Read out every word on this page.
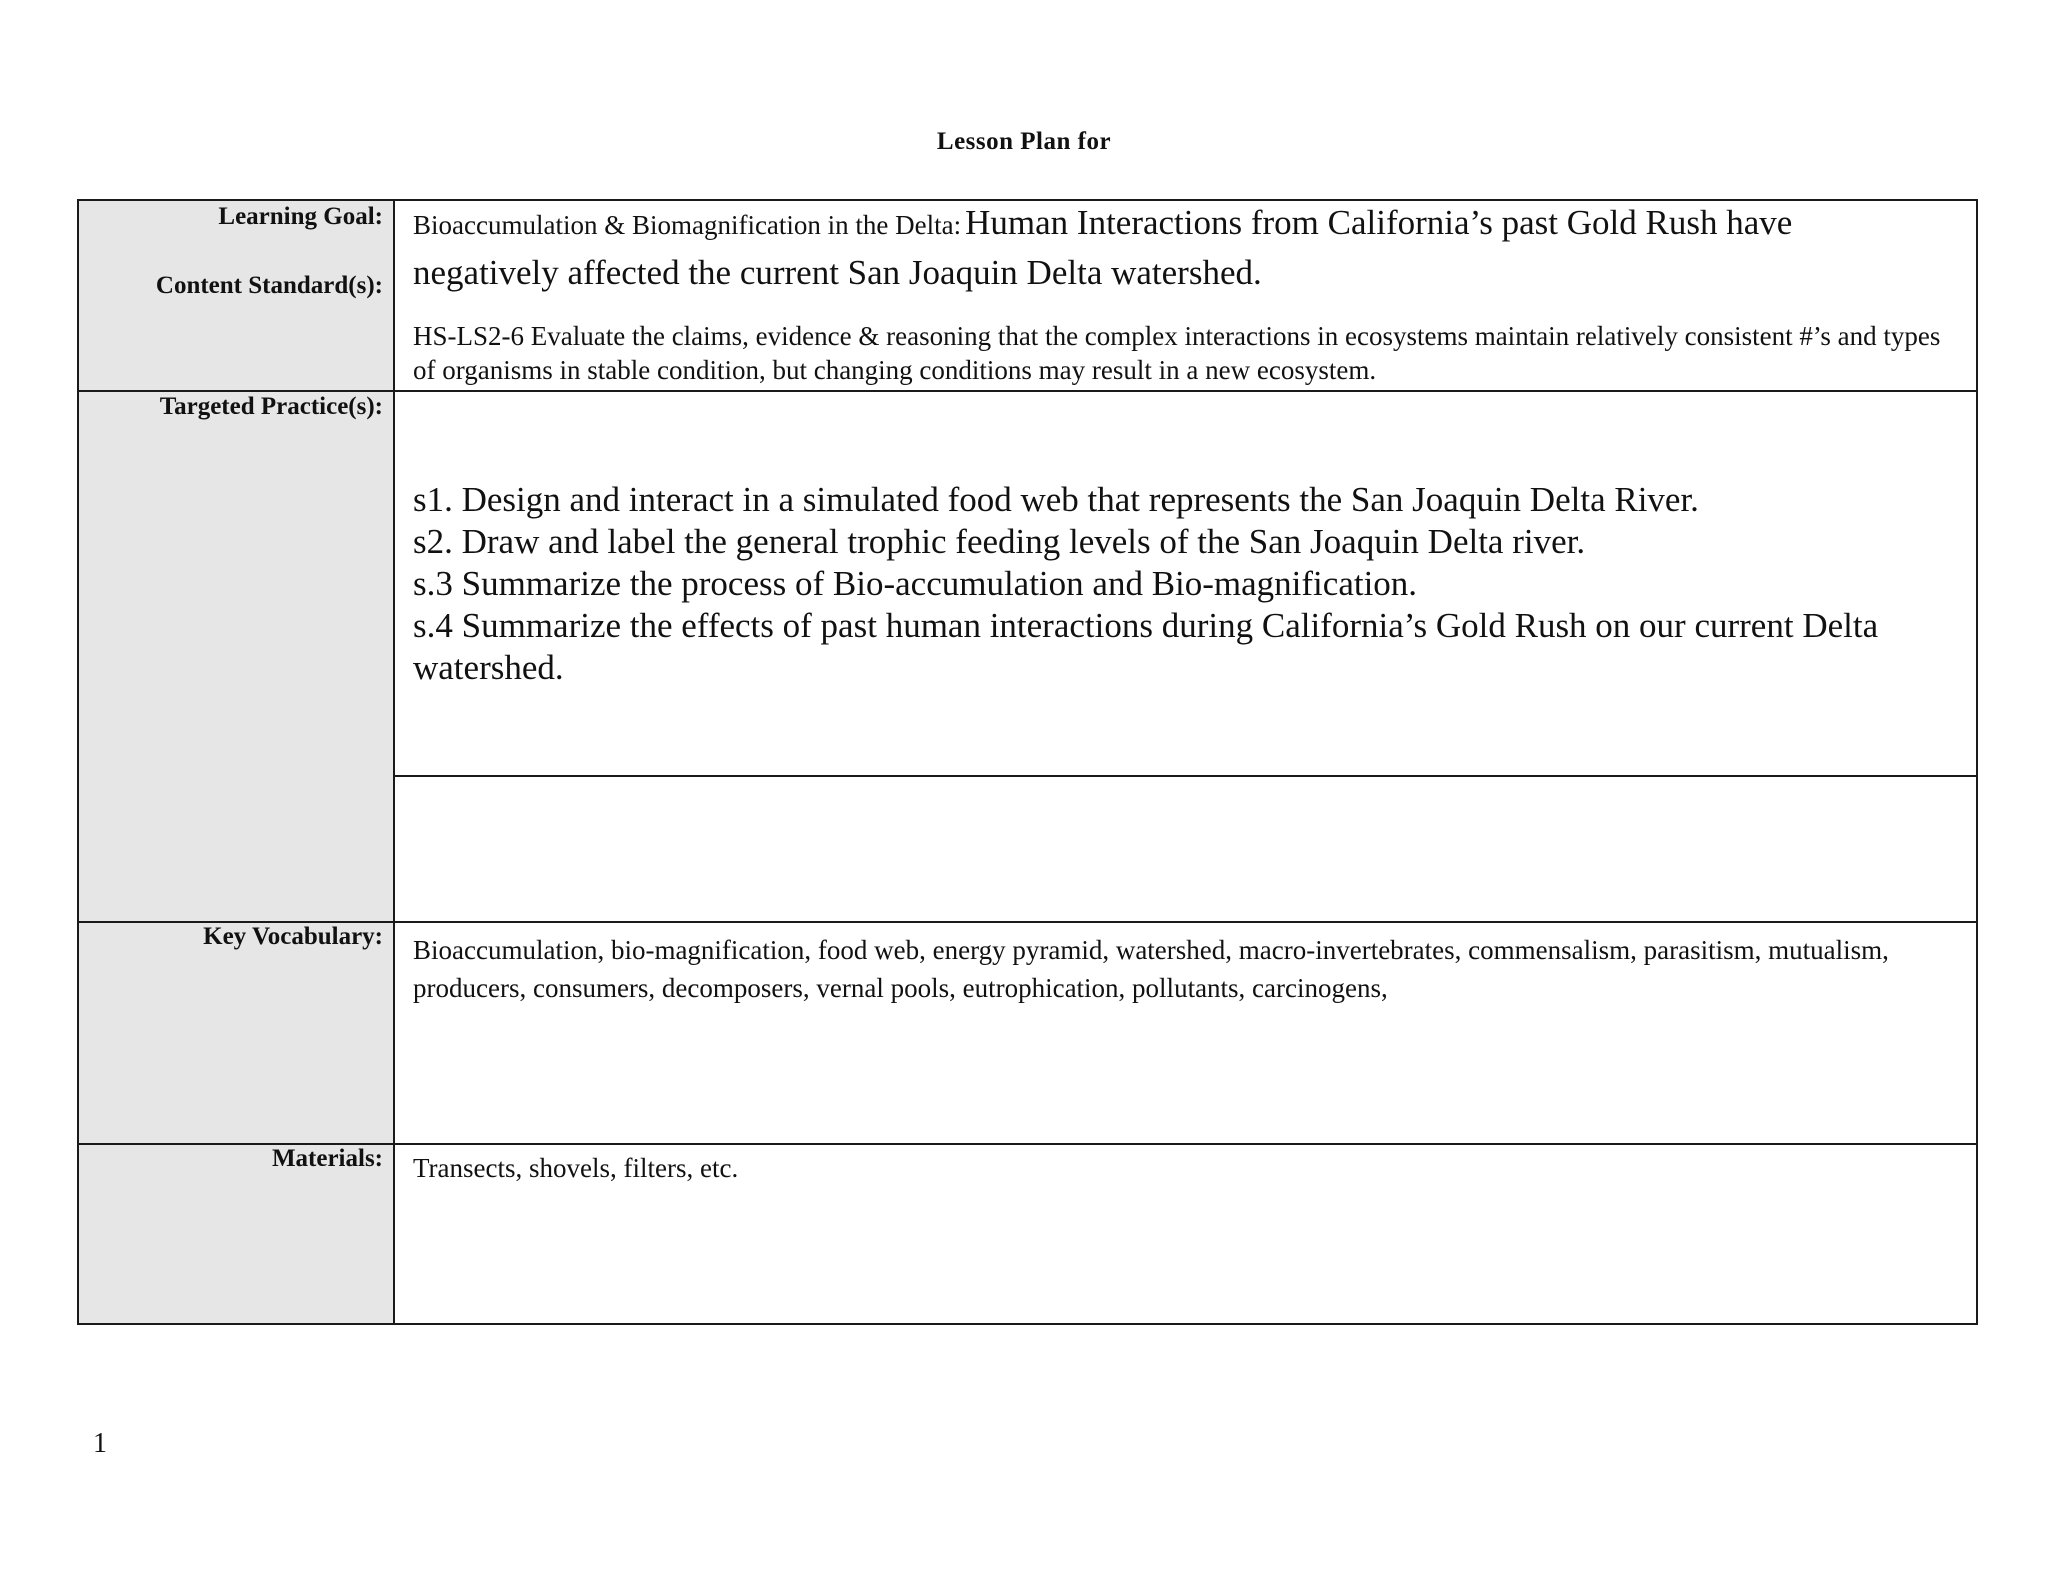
Lesson Plan for
Learning Goal:
Content Standard(s):
Targeted Practice(s):
Key Vocabulary:
Materials:
Bioaccumulation & Biomagnification in the Delta: Human Interactions from California’s past Gold Rush have negatively affected the current San Joaquin Delta watershed.
HS-LS2-6 Evaluate the claims, evidence & reasoning that the complex interactions in ecosystems maintain relatively consistent #’s and types of organisms in stable condition, but changing conditions may result in a new ecosystem.
s1. Design and interact in a simulated food web that represents the San Joaquin Delta River.
s2. Draw and label the general trophic feeding levels of the San Joaquin Delta river.
s.3 Summarize the process of Bio-accumulation and Bio-magnification.
s.4 Summarize the effects of past human interactions during California’s Gold Rush on our current Delta watershed.
Bioaccumulation, bio-magnification, food web, energy pyramid, watershed, macro-invertebrates, commensalism, parasitism, mutualism, producers, consumers, decomposers, vernal pools, eutrophication, pollutants, carcinogens,
Transects, shovels, filters, etc.
1
